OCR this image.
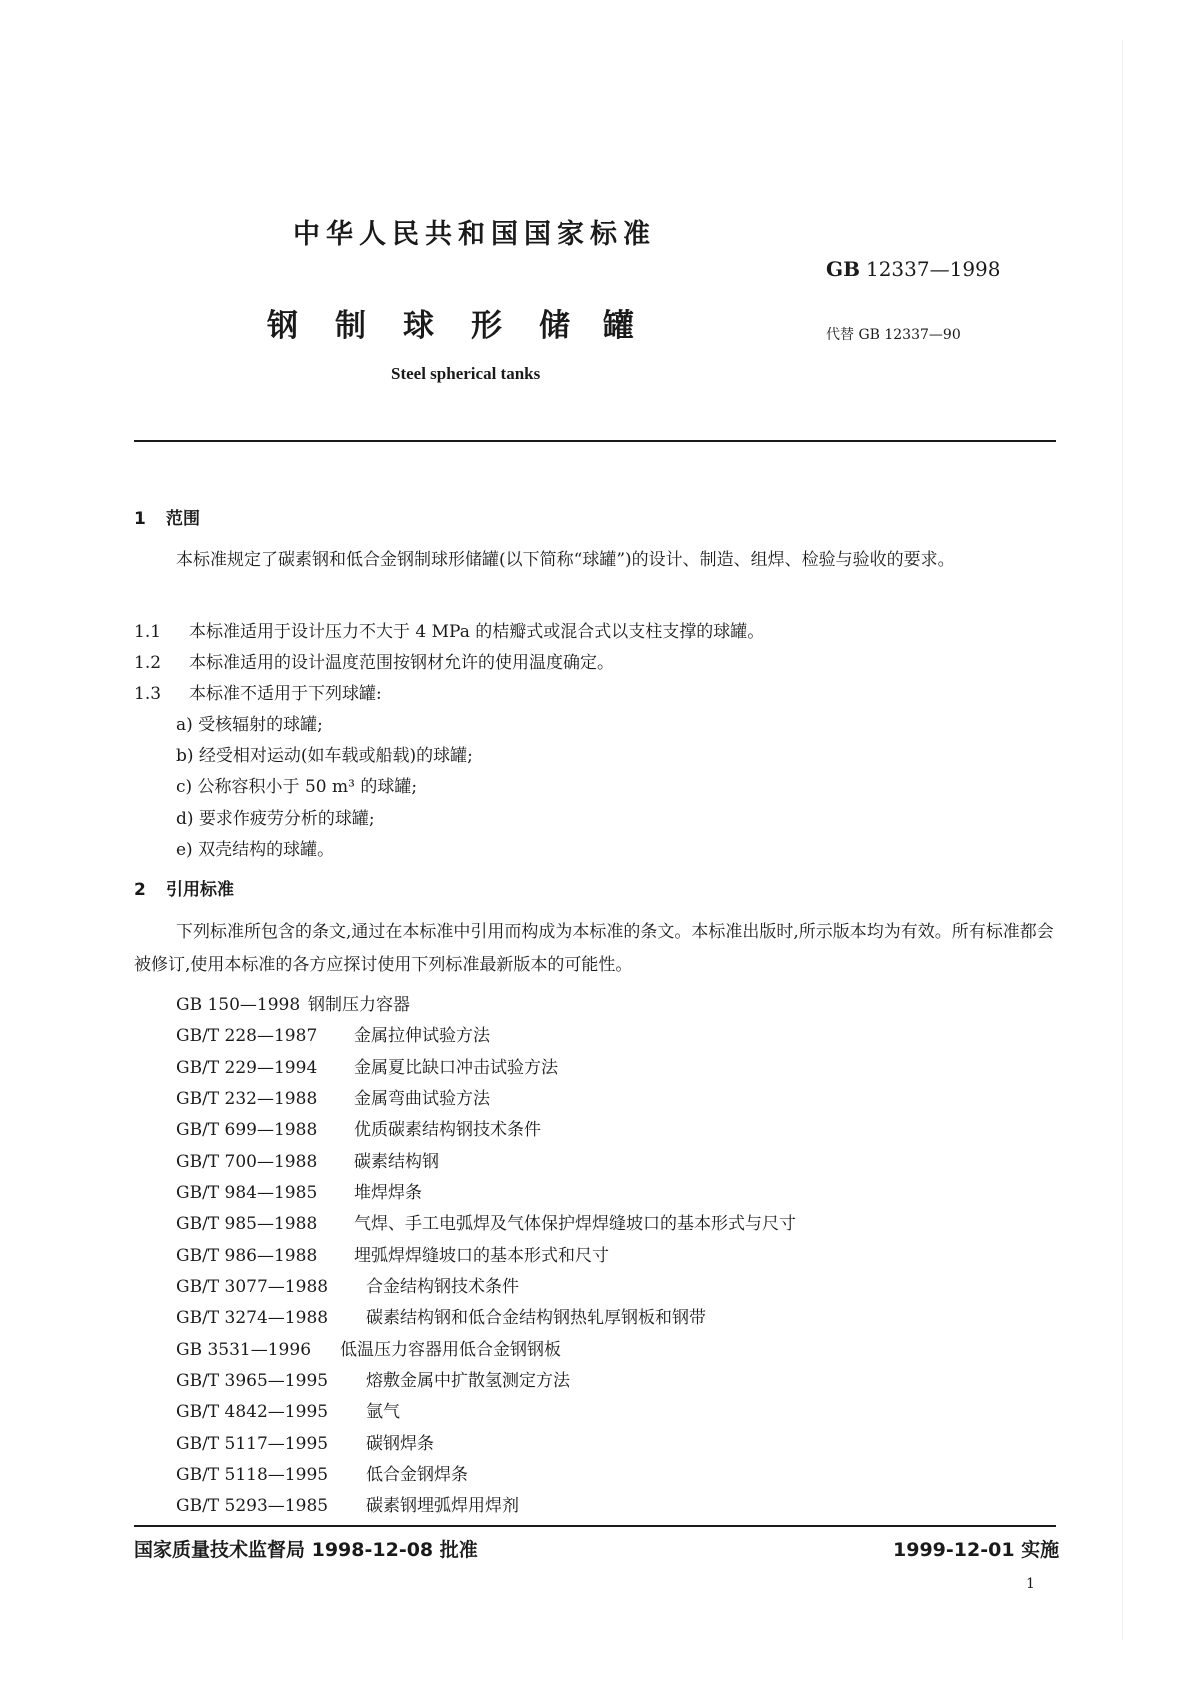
中华人民共和国国家标准
GB 12337—1998
钢 制 球 形 储 罐	代替 GB 12337—90
Steel spherical tanks
1 范围
本标准规定了碳素钢和低合金钢制球形储罐(以下简称“球罐”)的设计、制造、组焊、检验与验收的要求。
1.1 本标准适用于设计压力不大于 4 MPa 的桔瓣式或混合式以支柱支撑的球罐。
1.2 本标准适用的设计温度范围按钢材允许的使用温度确定。
1.3 本标准不适用于下列球罐:
a) 受核辐射的球罐;
b) 经受相对运动(如车载或船载)的球罐;
c) 公称容积小于 50 m³ 的球罐;
d) 要求作疲劳分析的球罐;
e) 双壳结构的球罐。
2 引用标准
下列标准所包含的条文,通过在本标准中引用而构成为本标准的条文。本标准出版时,所示版本均为有效。所有标准都会被修订,使用本标准的各方应探讨使用下列标准最新版本的可能性。
GB 150—1998 钢制压力容器
GB/T 228—1987 金属拉伸试验方法
GB/T 229—1994 金属夏比缺口冲击试验方法
GB/T 232—1988 金属弯曲试验方法
GB/T 699—1988 优质碳素结构钢技术条件
GB/T 700—1988 碳素结构钢
GB/T 984—1985 堆焊焊条
GB/T 985—1988 气焊、手工电弧焊及气体保护焊焊缝坡口的基本形式与尺寸
GB/T 986—1988 埋弧焊焊缝坡口的基本形式和尺寸
GB/T 3077—1988 合金结构钢技术条件
GB/T 3274—1988 碳素结构钢和低合金结构钢热轧厚钢板和钢带
GB 3531—1996 低温压力容器用低合金钢钢板
GB/T 3965—1995 熔敷金属中扩散氢测定方法
GB/T 4842—1995 氩气
GB/T 5117—1995 碳钢焊条
GB/T 5118—1995 低合金钢焊条
GB/T 5293—1985 碳素钢埋弧焊用焊剂
国家质量技术监督局 1998-12-08 批准	1999-12-01 实施
1
